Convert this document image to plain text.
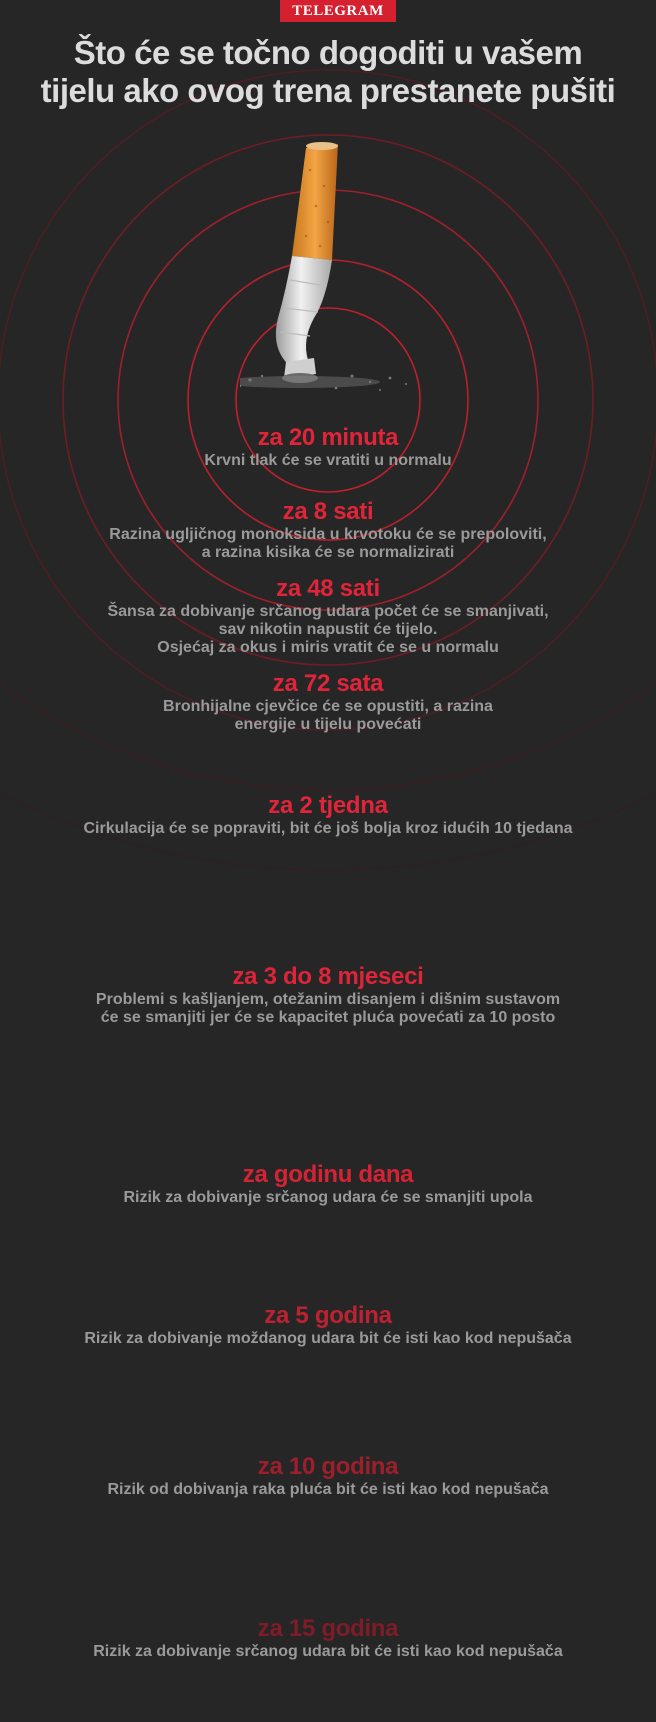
TELEGRAM
Što će se točno dogoditi u vašem
tijelu ako ovog trena prestanete pušiti
za 20 minuta
Krvni tlak će se vratiti u normalu
za 8 sati
Razina ugljičnog monoksida u krvotoku će se prepoloviti,
a razina kisika će se normalizirati
za 48 sati
Šansa za dobivanje srčanog udara počet će se smanjivati,
sav nikotin napustit će tijelo.
Osjećaj za okus i miris vratit će se u normalu
za 72 sata
Bronhijalne cjevčice će se opustiti, a razina
energije u tijelu povećati
za 2 tjedna
Cirkulacija će se popraviti, bit će još bolja kroz idućih 10 tjedana
za 3 do 8 mjeseci
Problemi s kašljanjem, otežanim disanjem i dišnim sustavom
će se smanjiti jer će se kapacitet pluća povećati za 10 posto
za godinu dana
Rizik za dobivanje srčanog udara će se smanjiti upola
za 5 godina
Rizik za dobivanje moždanog udara bit će isti kao kod nepušača
za 10 godina
Rizik od dobivanja raka pluća bit će isti kao kod nepušača
za 15 godina
Rizik za dobivanje srčanog udara bit će isti kao kod nepušača
